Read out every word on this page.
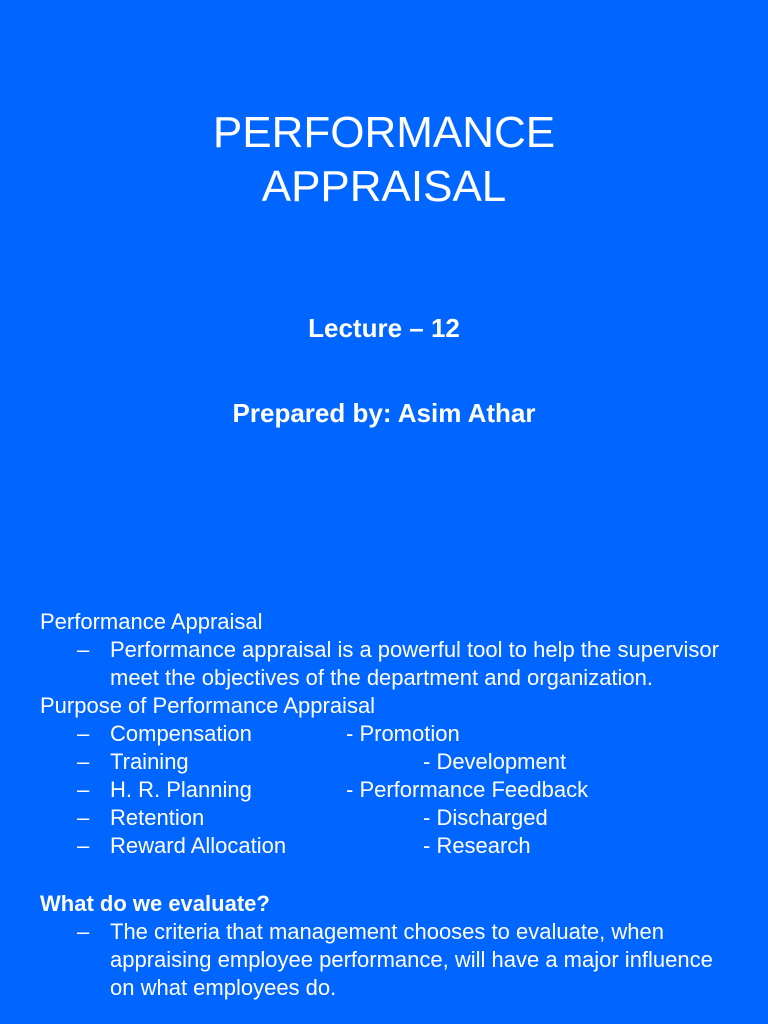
PERFORMANCE
APPRAISAL

Lecture – 12

Prepared by: Asim Athar

Performance Appraisal
– Performance appraisal is a powerful tool to help the supervisor meet the objectives of the department and organization.
Purpose of Performance Appraisal
– Compensation	- Promotion
– Training	- Development
– H. R. Planning	- Performance Feedback
– Retention	- Discharged
– Reward Allocation	- Research
What do we evaluate?
– The criteria that management chooses to evaluate, when appraising employee performance, will have a major influence on what employees do.
